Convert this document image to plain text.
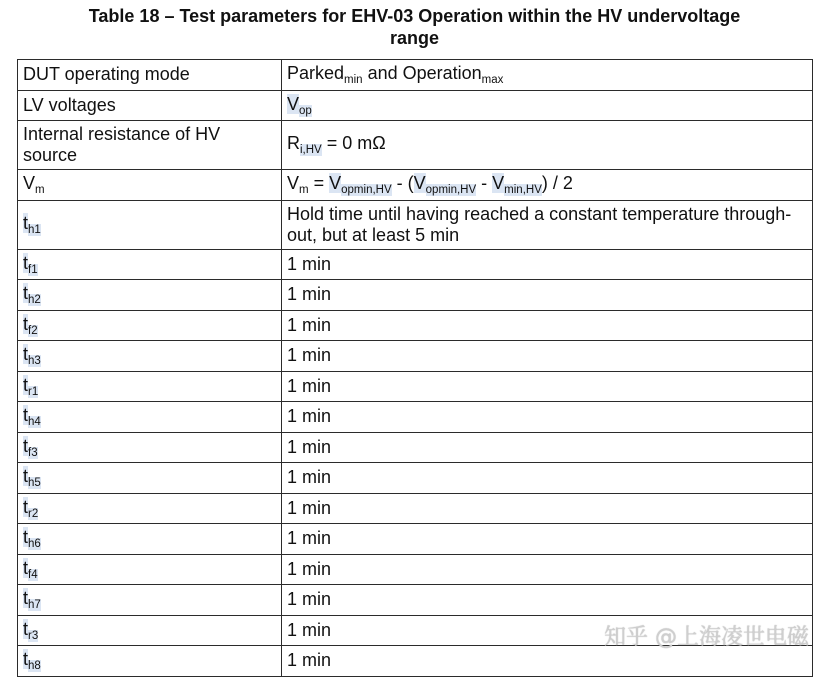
Table 18 – Test parameters for EHV-03 Operation within the HV undervoltage range
DUT operating mode	Parked$_{min}$ and Operation$_{max}$
LV voltages	$V_{op}$
Internal resistance of HV source	$R_{i,HV} = 0$ mΩ
$V_m$	$V_m = V_{opmin,HV} - (V_{opmin,HV} - V_{min,HV}) / 2$
$t_{h1}$	Hold time until having reached a constant temperature through-out, but at least 5 min
$t_{f1}$	1 min
$t_{h2}$	1 min
$t_{f2}$	1 min
$t_{h3}$	1 min
$t_{r1}$	1 min
$t_{h4}$	1 min
$t_{f3}$	1 min
$t_{h5}$	1 min
$t_{r2}$	1 min
$t_{h6}$	1 min
$t_{f4}$	1 min
$t_{h7}$	1 min
$t_{r3}$	1 min
$t_{h8}$	1 min
知乎 @上海凌世电磁
